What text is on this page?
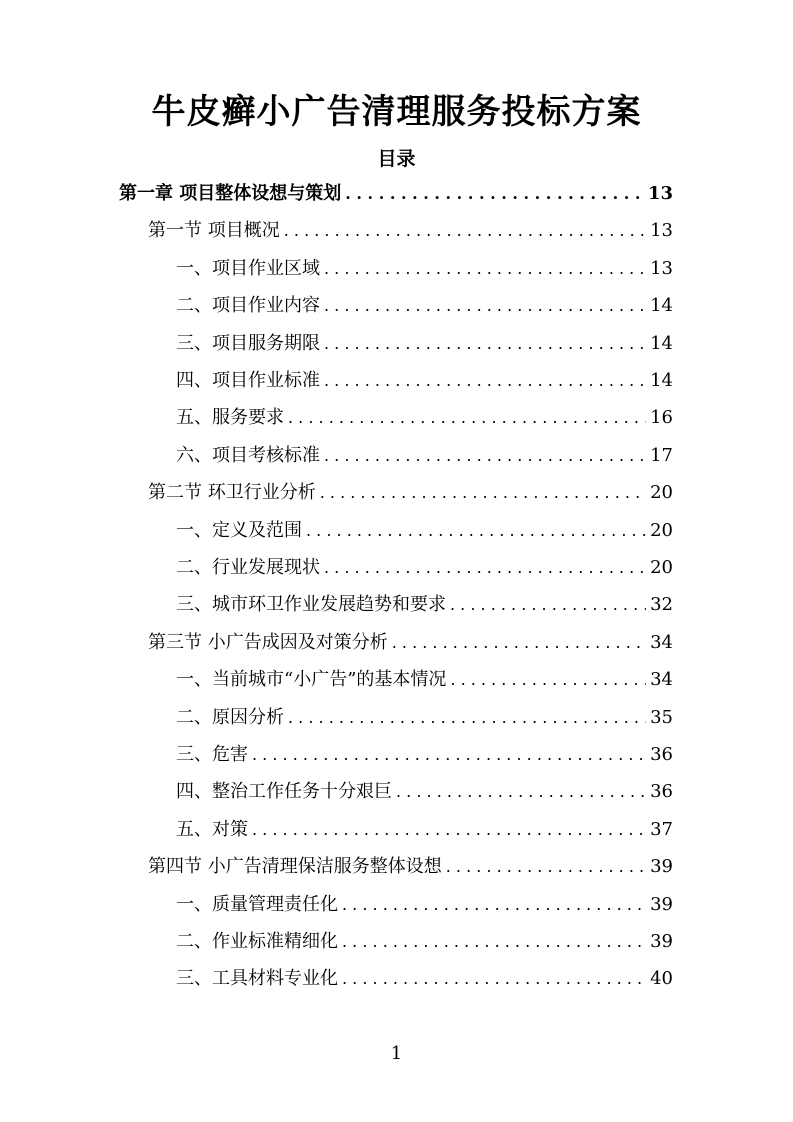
牛皮癣小广告清理服务投标方案
目录
第一章 项目整体设想与策划 . . .	13
第一节 项目概况 . . .	13
一、项目作业区域 . . .	13
二、项目作业内容 . . .	14
三、项目服务期限 . . .	14
四、项目作业标准 . . .	14
五、服务要求 . . .	16
六、项目考核标准 . . .	17
第二节 环卫行业分析 . . .	20
一、定义及范围 . . .	20
二、行业发展现状 . . .	20
三、城市环卫作业发展趋势和要求 . . .	32
第三节 小广告成因及对策分析 . . .	34
一、当前城市“小广告”的基本情况 . . .	34
二、原因分析 . . .	35
三、危害 . . .	36
四、整治工作任务十分艰巨 . . .	36
五、对策 . . .	37
第四节 小广告清理保洁服务整体设想 . . .	39
一、质量管理责任化 . . .	39
二、作业标准精细化 . . .	39
三、工具材料专业化 . . .	40
1
